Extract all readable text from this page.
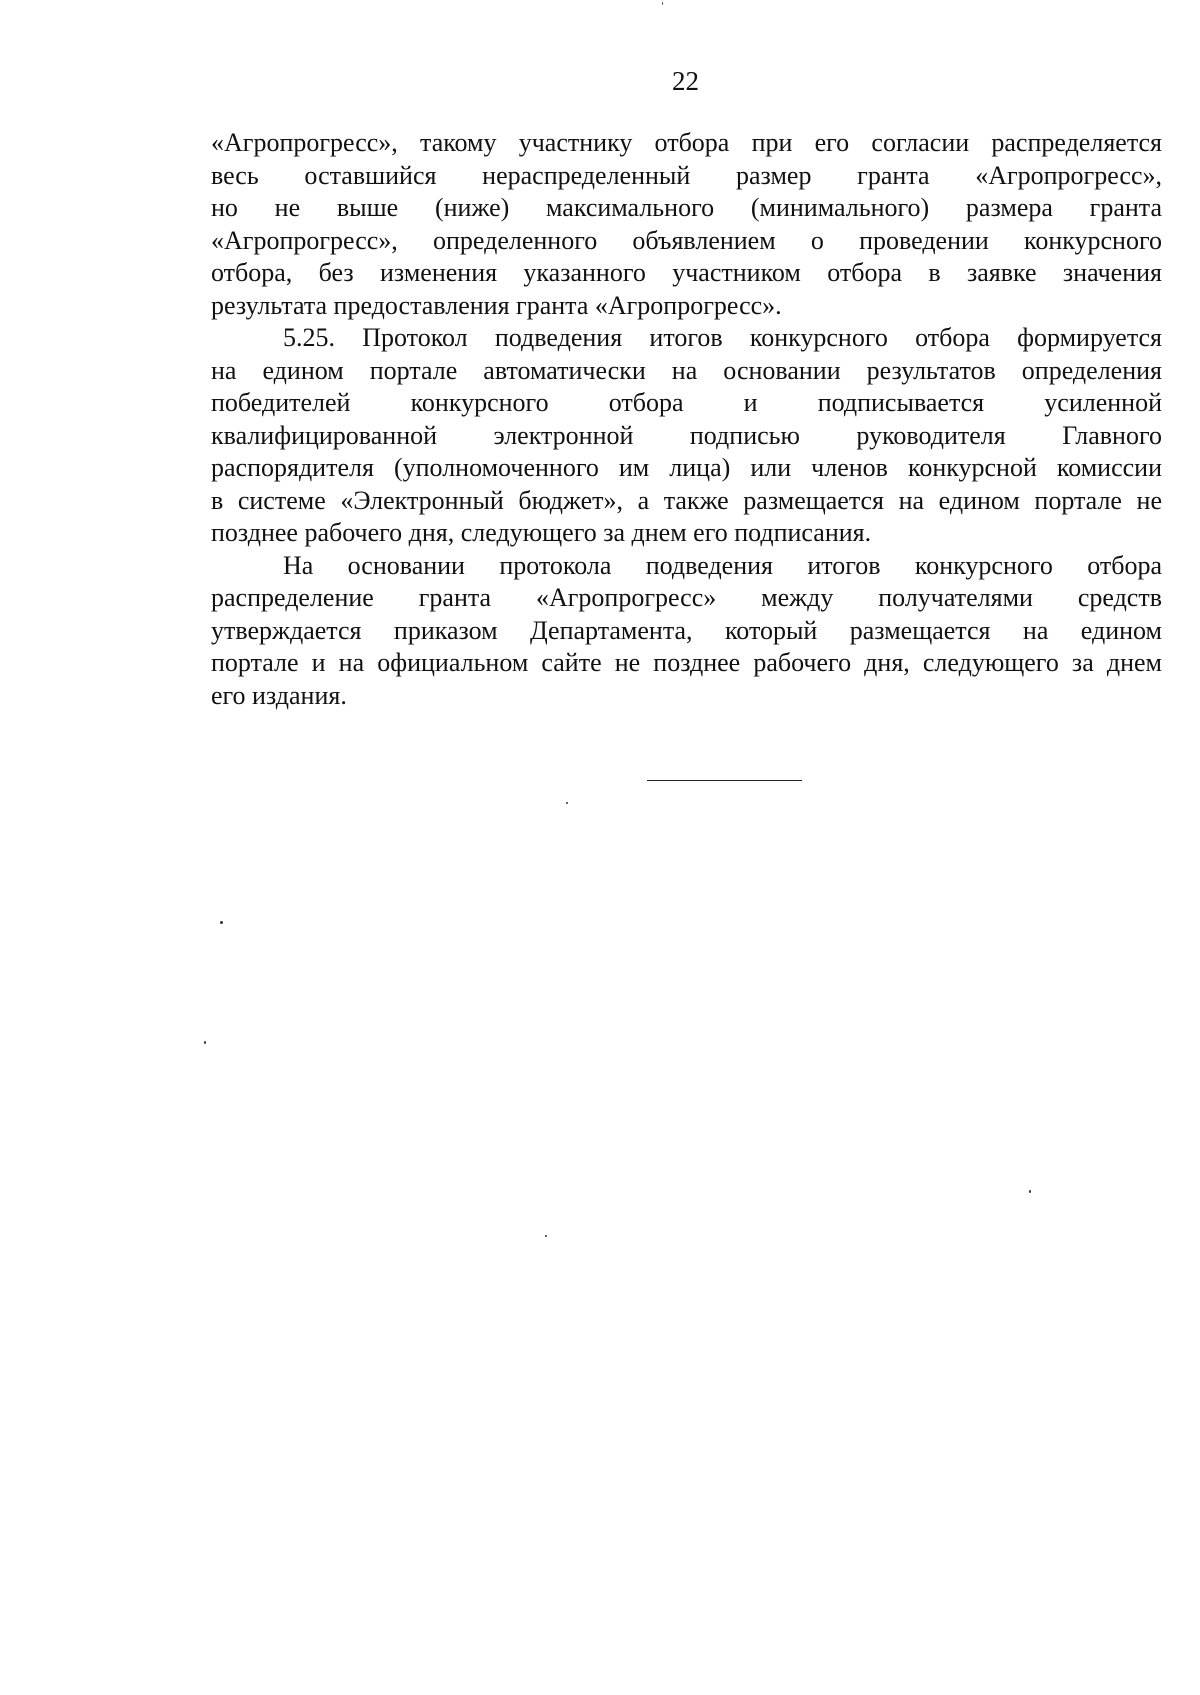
22
«Агропрогресс», такому участнику отбора при его согласии распределяется
весь оставшийся нераспределенный размер гранта «Агропрогресс»,
но не выше (ниже) максимального (минимального) размера гранта
«Агропрогресс», определенного объявлением о проведении конкурсного
отбора, без изменения указанного участником отбора в заявке значения
результата предоставления гранта «Агропрогресс».
5.25. Протокол подведения итогов конкурсного отбора формируется
на едином портале автоматически на основании результатов определения
победителей конкурсного отбора и подписывается усиленной
квалифицированной электронной подписью руководителя Главного
распорядителя (уполномоченного им лица) или членов конкурсной комиссии
в системе «Электронный бюджет», а также размещается на едином портале не
позднее рабочего дня, следующего за днем его подписания.
На основании протокола подведения итогов конкурсного отбора
распределение гранта «Агропрогресс» между получателями средств
утверждается приказом Департамента, который размещается на едином
портале и на официальном сайте не позднее рабочего дня, следующего за днем
его издания.
